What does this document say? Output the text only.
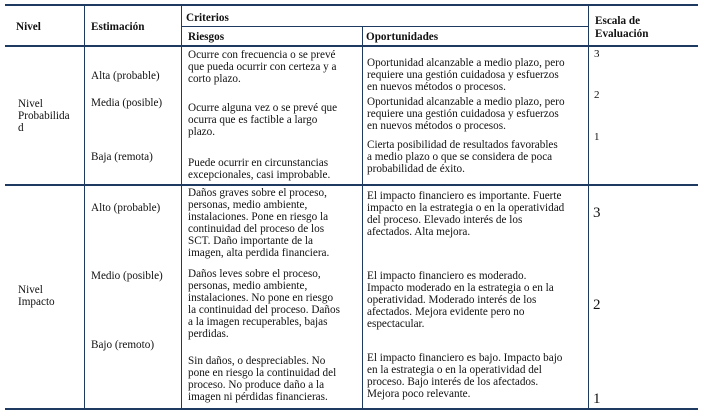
Nivel	Estimación
Criterios
Riesgos	Oportunidades
Escala de
Evaluación
Nivel
Probabilida
d
Alta (probable)
Media (posible)
Baja (remota)
Ocurre con frecuencia o se prevé
que pueda ocurrir con certeza y a
corto plazo.
Ocurre alguna vez o se prevé que
ocurra que es factible a largo
plazo.
Puede ocurrir en circunstancias
excepcionales, casi improbable.
Oportunidad alcanzable a medio plazo, pero
requiere una gestión cuidadosa y esfuerzos
en nuevos métodos o procesos.
Oportunidad alcanzable a medio plazo, pero
requiere una gestión cuidadosa y esfuerzos
en nuevos métodos o procesos.
Cierta posibilidad de resultados favorables
a medio plazo o que se considera de poca
probabilidad de éxito.
3
2
1
Nivel
Impacto
Alto (probable)
Medio (posible)
Bajo (remoto)
Daños graves sobre el proceso,
personas, medio ambiente,
instalaciones. Pone en riesgo la
continuidad del proceso de los
SCT. Daño importante de la
imagen, alta perdida financiera.
Daños leves sobre el proceso,
personas, medio ambiente,
instalaciones. No pone en riesgo
la continuidad del proceso. Daños
a la imagen recuperables, bajas
perdidas.
Sin daños, o despreciables. No
pone en riesgo la continuidad del
proceso. No produce daño a la
imagen ni pérdidas financieras.
El impacto financiero es importante. Fuerte
impacto en la estrategia o en la operatividad
del proceso. Elevado interés de los
afectados. Alta mejora.
El impacto financiero es moderado.
Impacto moderado en la estrategia o en la
operatividad. Moderado interés de los
afectados. Mejora evidente pero no
espectacular.
El impacto financiero es bajo. Impacto bajo
en la estrategia o en la operatividad del
proceso. Bajo interés de los afectados.
Mejora poco relevante.
3
2
1
